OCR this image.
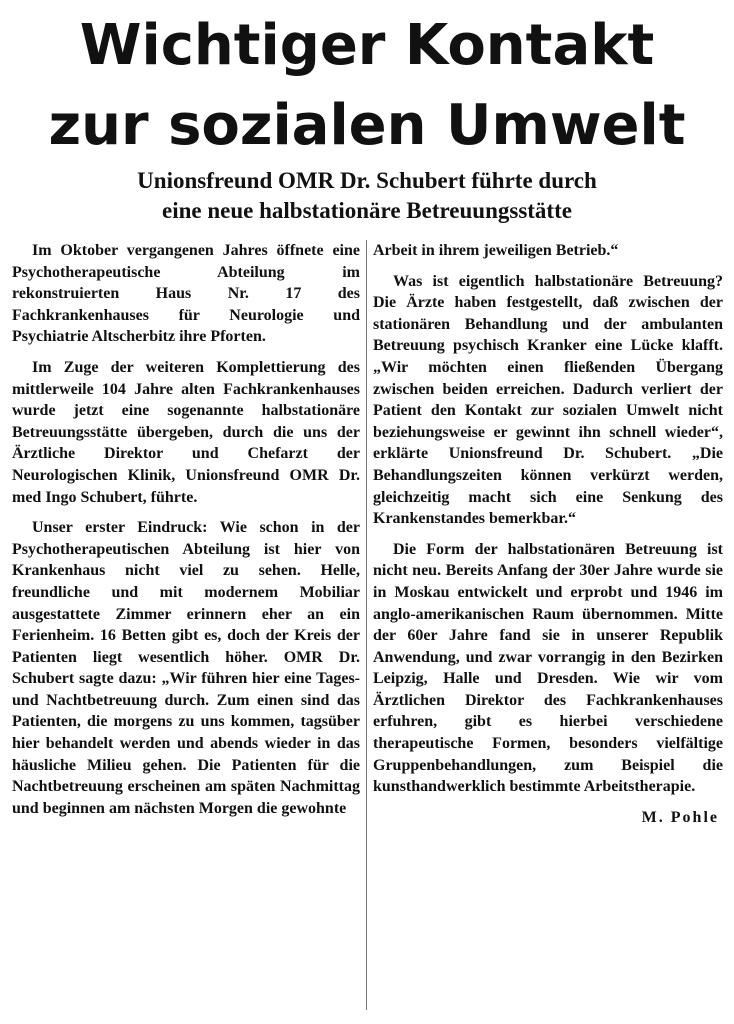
Wichtiger Kontakt
zur sozialen Umwelt
Unionsfreund OMR Dr. Schubert führte durch
eine neue halbstationäre Betreuungsstätte

Im Oktober vergangenen Jahres öffnete eine Psychotherapeutische Abteilung im rekonstruierten Haus Nr. 17 des Fachkrankenhauses für Neurologie und Psychiatrie Altscherbitz ihre Pforten.

Im Zuge der weiteren Komplettierung des mittlerweile 104 Jahre alten Fachkrankenhauses wurde jetzt eine sogenannte halbstationäre Betreuungsstätte übergeben, durch die uns der Ärztliche Direktor und Chefarzt der Neurologischen Klinik, Unionsfreund OMR Dr. med Ingo Schubert, führte.

Unser erster Eindruck: Wie schon in der Psychotherapeutischen Abteilung ist hier von Krankenhaus nicht viel zu sehen. Helle, freundliche und mit modernem Mobiliar ausgestattete Zimmer erinnern eher an ein Ferienheim. 16 Betten gibt es, doch der Kreis der Patienten liegt wesentlich höher. OMR Dr. Schubert sagte dazu: „Wir führen hier eine Tages- und Nachtbetreuung durch. Zum einen sind das Patienten, die morgens zu uns kommen, tagsüber hier behandelt werden und abends wieder in das häusliche Milieu gehen. Die Patienten für die Nachtbetreuung erscheinen am späten Nachmittag und beginnen am nächsten Morgen die gewohnte

Arbeit in ihrem jeweiligen Betrieb.“

Was ist eigentlich halbstationäre Betreuung? Die Ärzte haben festgestellt, daß zwischen der stationären Behandlung und der ambulanten Betreuung psychisch Kranker eine Lücke klafft. „Wir möchten einen fließenden Übergang zwischen beiden erreichen. Dadurch verliert der Patient den Kontakt zur sozialen Umwelt nicht beziehungsweise er gewinnt ihn schnell wieder“, erklärte Unionsfreund Dr. Schubert. „Die Behandlungszeiten können verkürzt werden, gleichzeitig macht sich eine Senkung des Krankenstandes bemerkbar.“

Die Form der halbstationären Betreuung ist nicht neu. Bereits Anfang der 30er Jahre wurde sie in Moskau entwickelt und erprobt und 1946 im anglo-amerikanischen Raum übernommen. Mitte der 60er Jahre fand sie in unserer Republik Anwendung, und zwar vorrangig in den Bezirken Leipzig, Halle und Dresden. Wie wir vom Ärztlichen Direktor des Fachkrankenhauses erfuhren, gibt es hierbei verschiedene therapeutische Formen, besonders vielfältige Gruppenbehandlungen, zum Beispiel die kunsthandwerklich bestimmte Arbeitstherapie.

M. Pohle
